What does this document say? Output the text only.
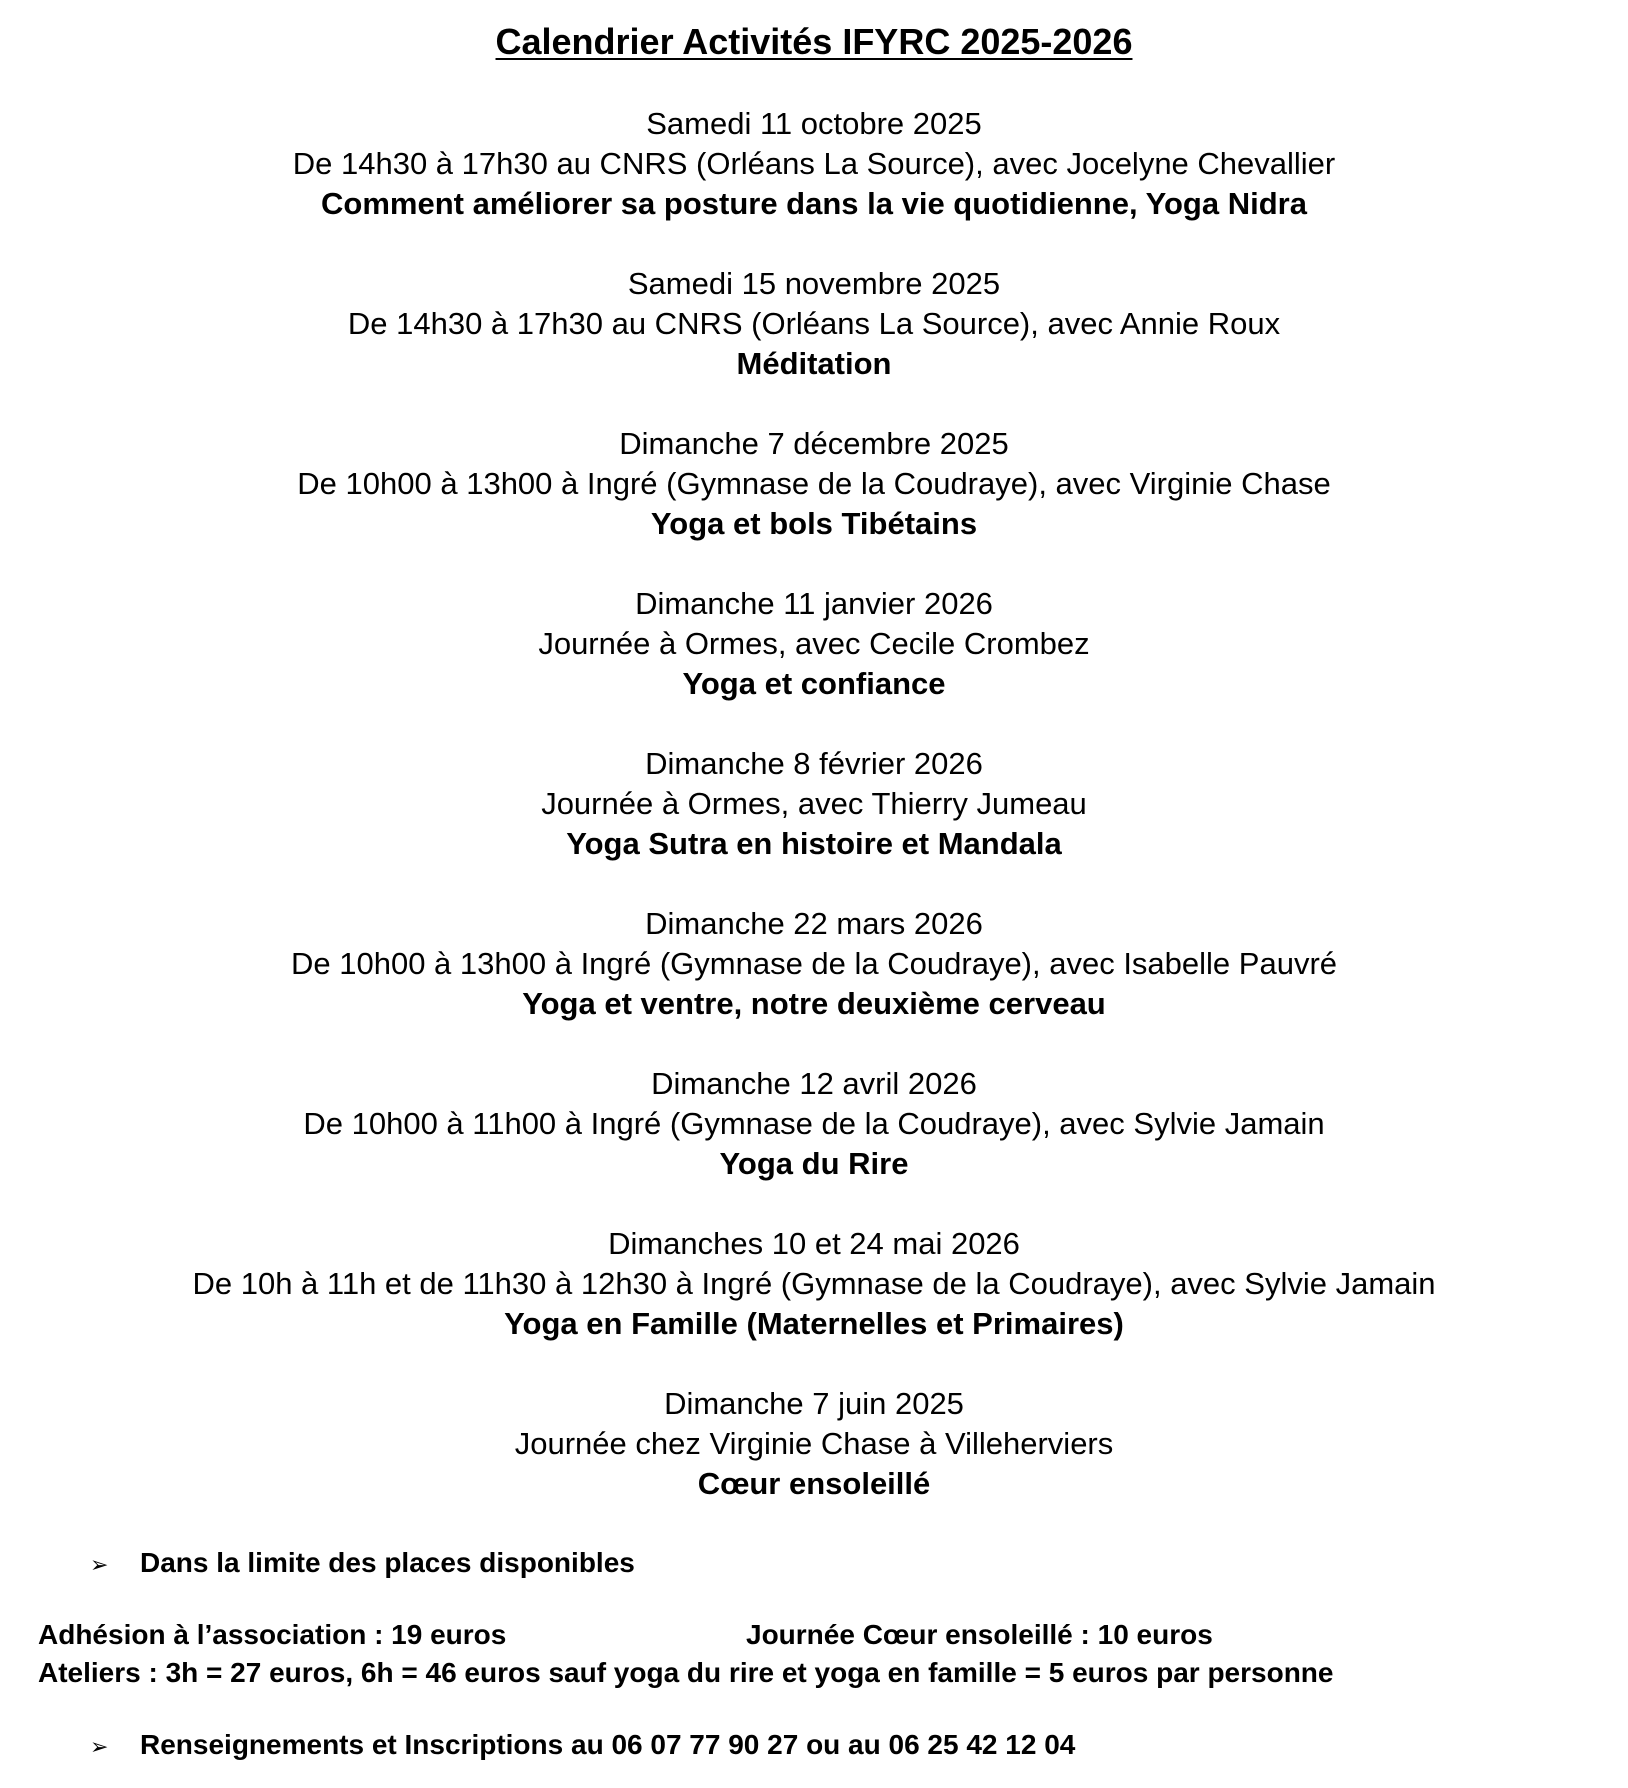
Calendrier Activités IFYRC 2025-2026
Samedi 11 octobre 2025
De 14h30 à 17h30 au CNRS (Orléans La Source), avec Jocelyne Chevallier
Comment améliorer sa posture dans la vie quotidienne, Yoga Nidra
Samedi 15 novembre 2025
De 14h30 à 17h30 au CNRS (Orléans La Source), avec Annie Roux
Méditation
Dimanche 7 décembre 2025
De 10h00 à 13h00 à Ingré (Gymnase de la Coudraye), avec Virginie Chase
Yoga et bols Tibétains
Dimanche 11 janvier 2026
Journée à Ormes, avec Cecile Crombez
Yoga et confiance
Dimanche 8 février 2026
Journée à Ormes, avec Thierry Jumeau
Yoga Sutra en histoire et Mandala
Dimanche 22 mars 2026
De 10h00 à 13h00 à Ingré (Gymnase de la Coudraye), avec Isabelle Pauvré
Yoga et ventre, notre deuxième cerveau
Dimanche 12 avril 2026
De 10h00 à 11h00 à Ingré (Gymnase de la Coudraye), avec Sylvie Jamain
Yoga du Rire
Dimanches 10 et 24 mai 2026
De 10h à 11h et de 11h30 à 12h30 à Ingré (Gymnase de la Coudraye), avec Sylvie Jamain
Yoga en Famille (Maternelles et Primaires)
Dimanche 7 juin 2025
Journée chez Virginie Chase à Villeherviers
Cœur ensoleillé
➢ Dans la limite des places disponibles
Adhésion à l’association : 19 euros	Journée Cœur ensoleillé : 10 euros
Ateliers : 3h = 27 euros, 6h = 46 euros sauf yoga du rire et yoga en famille = 5 euros par personne
➢ Renseignements et Inscriptions au 06 07 77 90 27 ou au 06 25 42 12 04
